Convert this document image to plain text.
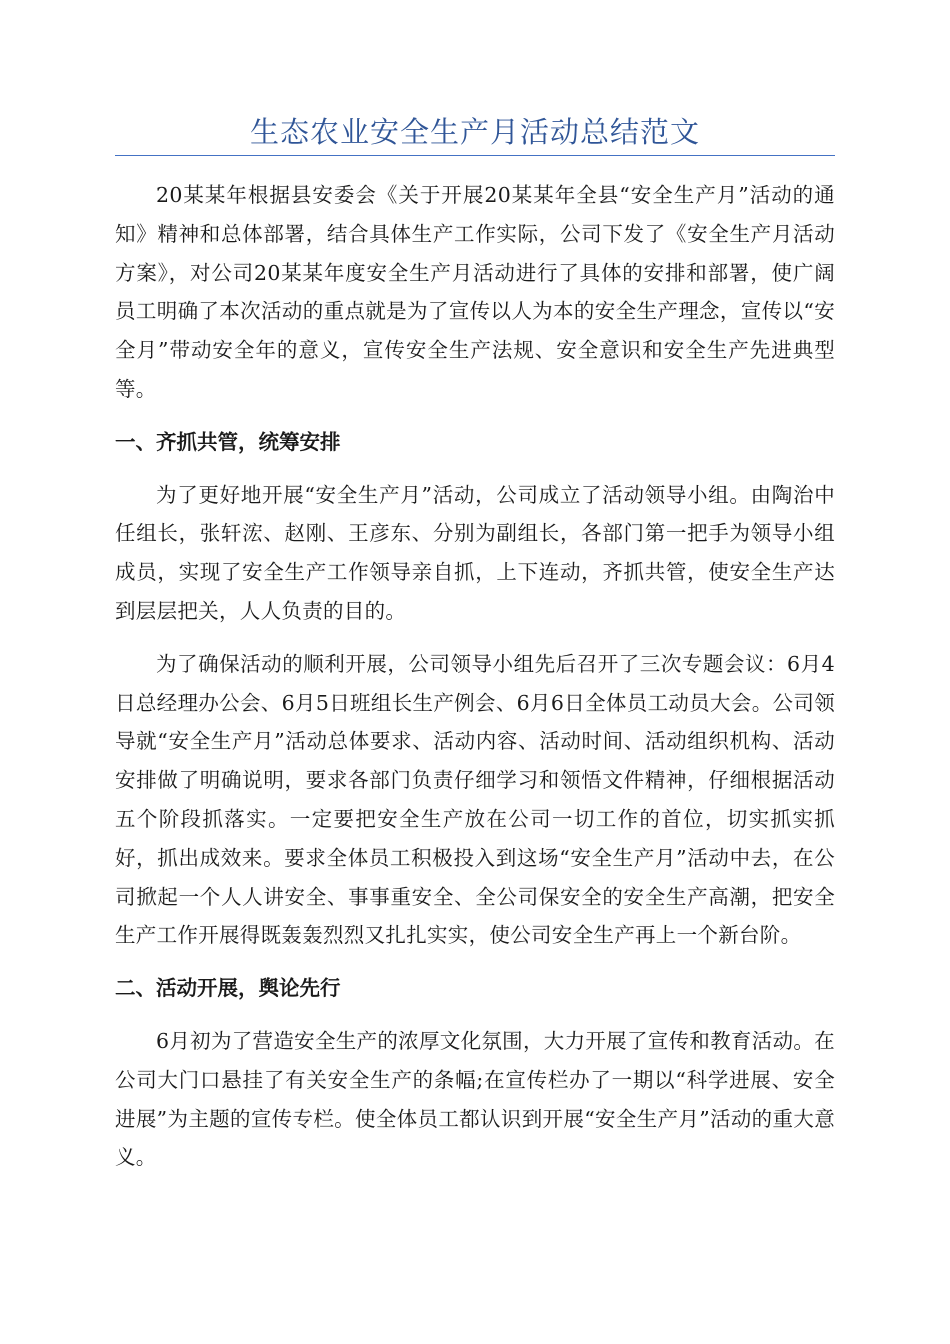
生态农业安全生产月活动总结范文

20某某年根据县安委会《关于开展20某某年全县“安全生产月”活动的通知》精神和总体部署，结合具体生产工作实际，公司下发了《安全生产月活动方案》，对公司20某某年度安全生产月活动进行了具体的安排和部署，使广阔员工明确了本次活动的重点就是为了宣传以人为本的安全生产理念，宣传以“安全月”带动安全年的意义，宣传安全生产法规、安全意识和安全生产先进典型等。

一、齐抓共管，统筹安排

为了更好地开展“安全生产月”活动，公司成立了活动领导小组。由陶治中任组长，张轩浤、赵刚、王彦东、分别为副组长，各部门第一把手为领导小组成员，实现了安全生产工作领导亲自抓，上下连动，齐抓共管，使安全生产达到层层把关，人人负责的目的。

为了确保活动的顺利开展，公司领导小组先后召开了三次专题会议：6月4日总经理办公会、6月5日班组长生产例会、6月6日全体员工动员大会。公司领导就“安全生产月”活动总体要求、活动内容、活动时间、活动组织机构、活动安排做了明确说明，要求各部门负责仔细学习和领悟文件精神，仔细根据活动五个阶段抓落实。一定要把安全生产放在公司一切工作的首位，切实抓实抓好，抓出成效来。要求全体员工积极投入到这场“安全生产月”活动中去，在公司掀起一个人人讲安全、事事重安全、全公司保安全的安全生产高潮，把安全生产工作开展得既轰轰烈烈又扎扎实实，使公司安全生产再上一个新台阶。

二、活动开展，舆论先行

6月初为了营造安全生产的浓厚文化氛围，大力开展了宣传和教育活动。在公司大门口悬挂了有关安全生产的条幅;在宣传栏办了一期以“科学进展、安全进展”为主题的宣传专栏。使全体员工都认识到开展“安全生产月”活动的重大意义。
